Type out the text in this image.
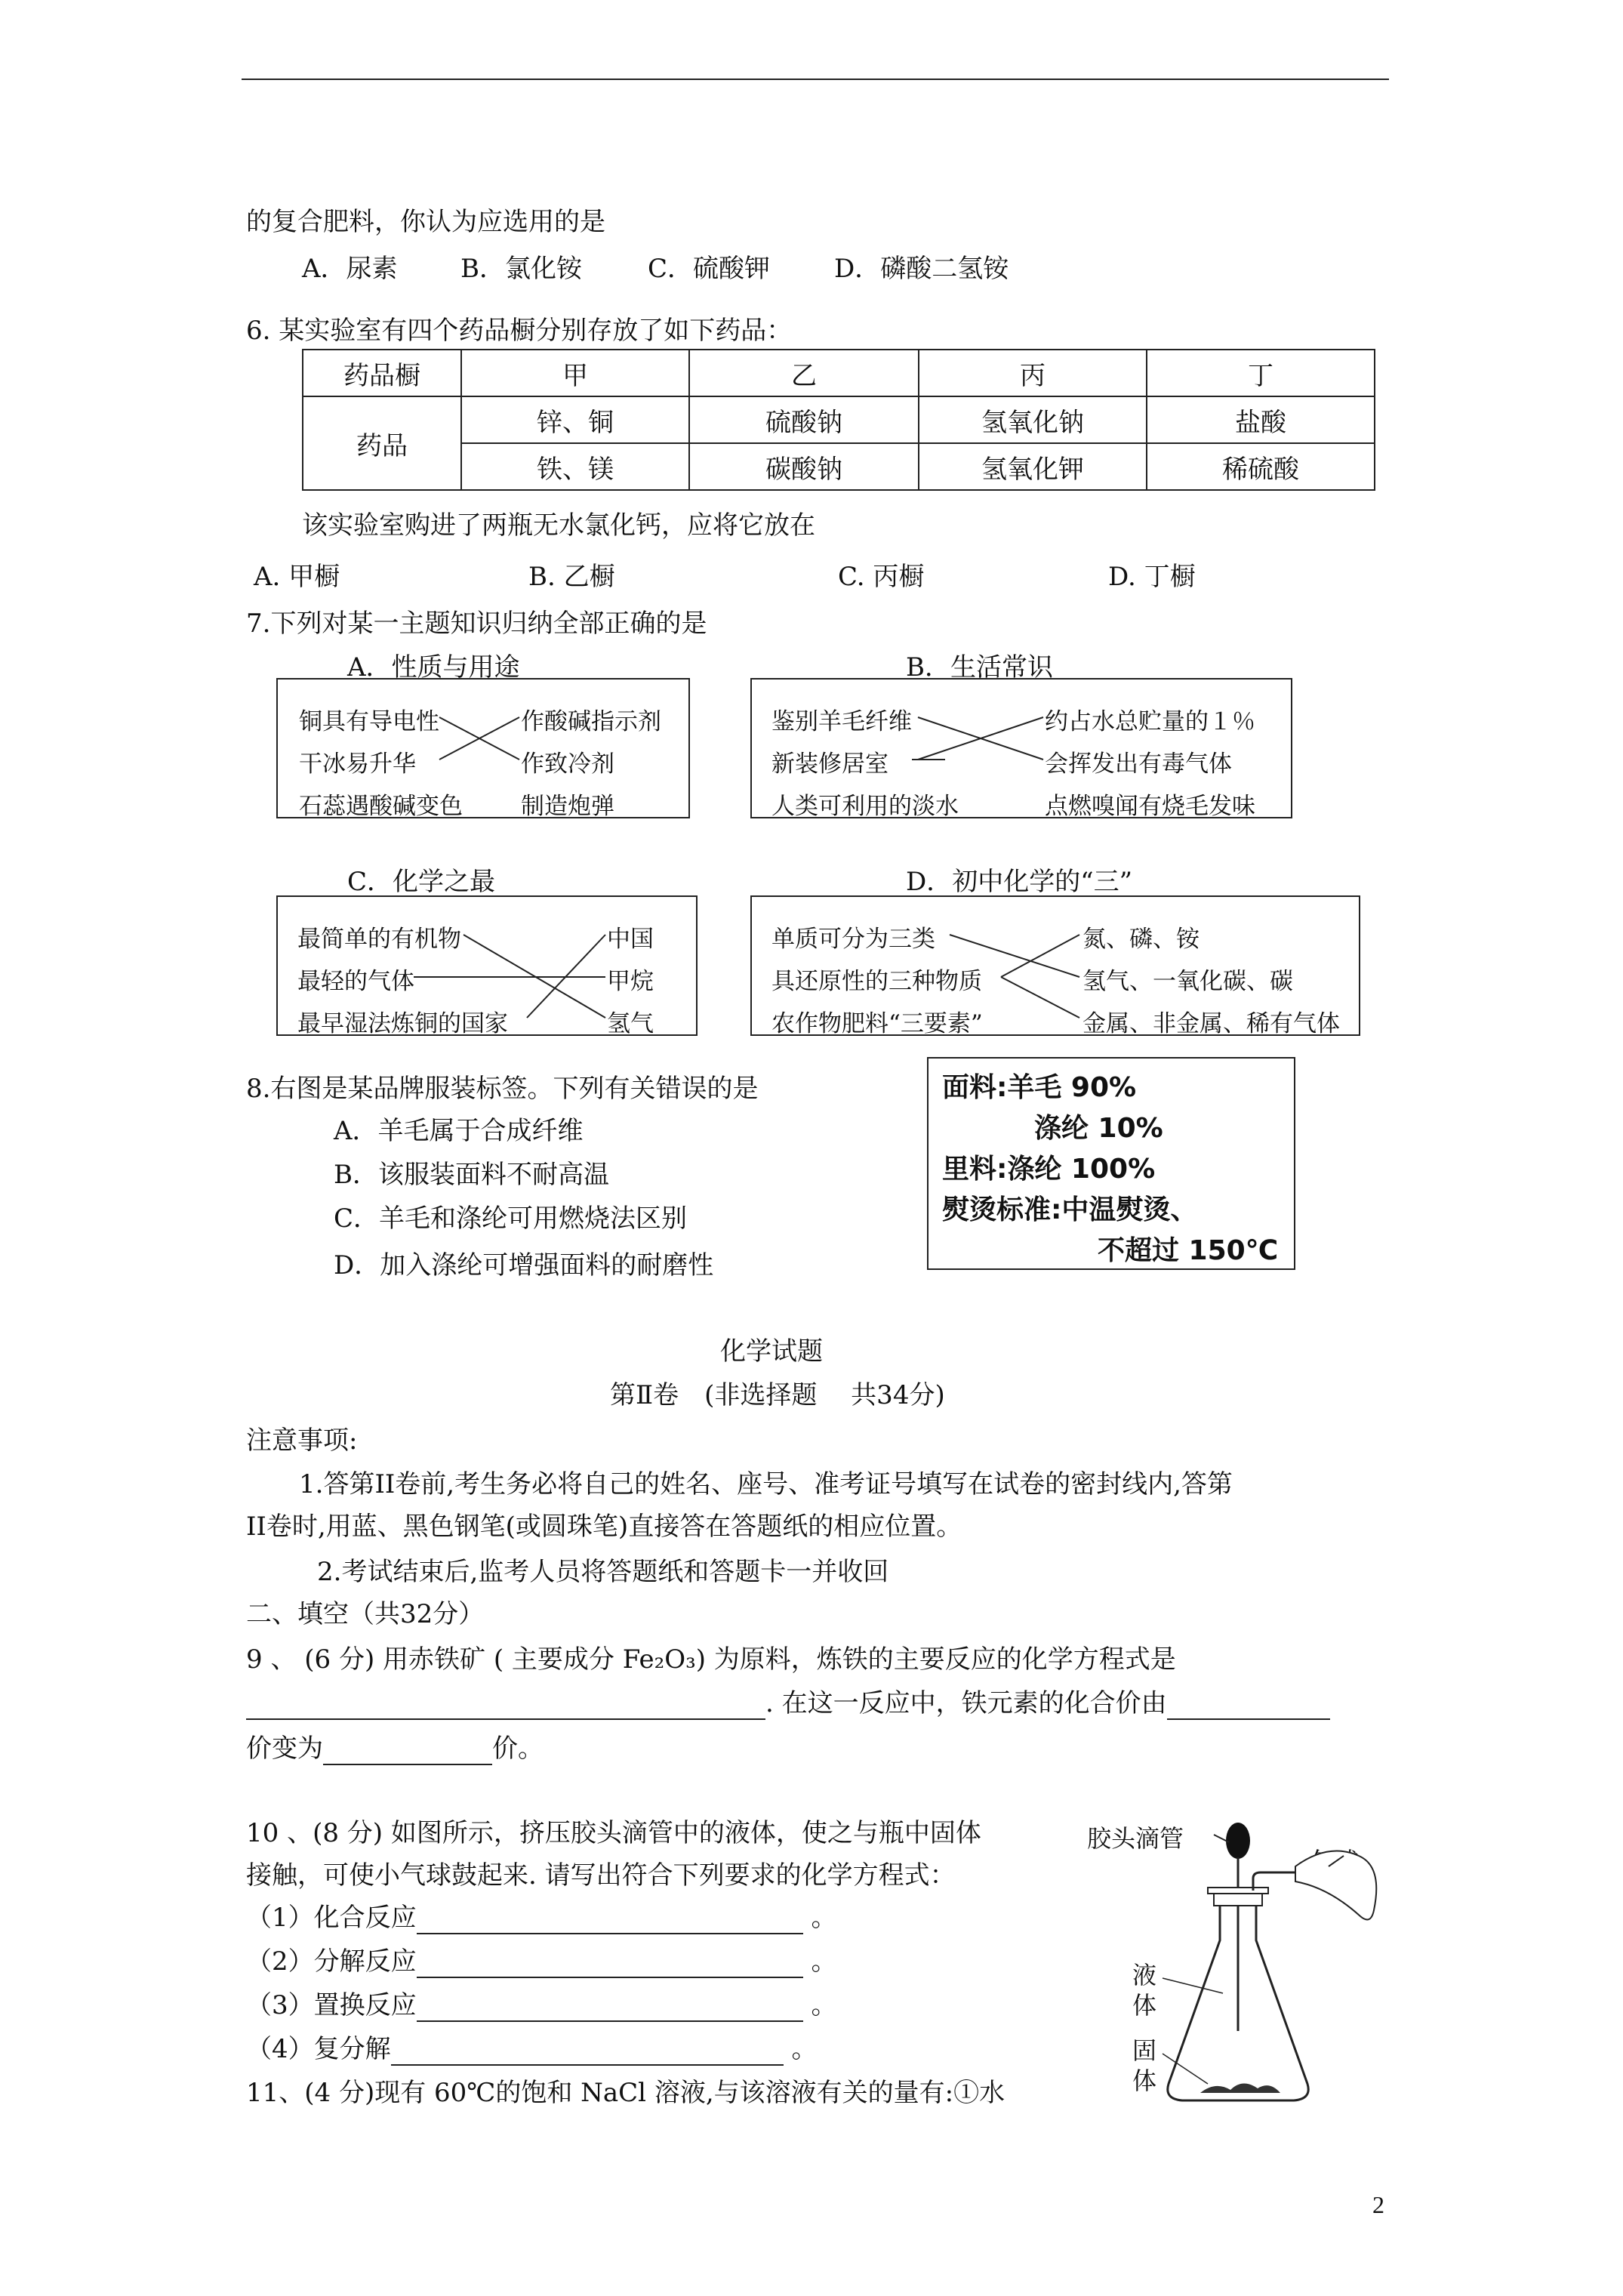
的复合肥料，你认为应选用的是
A．尿素 B．氯化铵	C．硫酸钾 D．磷酸二氢铵
6. 某实验室有四个药品橱分别存放了如下药品：
药品橱	甲	乙	丙	丁
药品	锌、铜	硫酸钠	氢氧化钠	盐酸
	铁、镁	碳酸钠	氢氧化钾	稀硫酸
该实验室购进了两瓶无水氯化钙，应将它放在
A. 甲橱	B. 乙橱	C. 丙橱	D. 丁橱
7.下列对某一主题知识归纳全部正确的是
A．性质与用途	B．生活常识
铜具有导电性
干冰易升华
石蕊遇酸碱变色
作酸碱指示剂
作致冷剂
制造炮弹
鉴别羊毛纤维
新装修居室
人类可利用的淡水
约占水总贮量的１％
会挥发出有毒气体
点燃嗅闻有烧毛发味
C．化学之最	D．初中化学的“三”
最简单的有机物
最轻的气体
最早湿法炼铜的国家
中国
甲烷
氢气
单质可分为三类
具还原性的三种物质
农作物肥料“三要素”
氮、磷、铵
氢气、一氧化碳、碳
金属、非金属、稀有气体
8.右图是某品牌服装标签。下列有关错误的是
A．羊毛属于合成纤维
B．该服装面料不耐高温
C．羊毛和涤纶可用燃烧法区别
D．加入涤纶可增强面料的耐磨性
面料:羊毛 90%
涤纶 10%
里料:涤纶 100%
熨烫标准:中温熨烫、
不超过 150℃
化学试题
第Ⅱ卷　(非选择题　 共34分)
注意事项:
1.答第II卷前,考生务必将自己的姓名、座号、准考证号填写在试卷的密封线内,答第
II卷时,用蓝、黑色钢笔(或圆珠笔)直接答在答题纸的相应位置。
2.考试结束后,监考人员将答题纸和答题卡一并收回
二、填空（共32分）
9 、 (6 分) 用赤铁矿 ( 主要成分 Fe₂O₃) 为原料，炼铁的主要反应的化学方程式是
. 在这一反应中，铁元素的化合价由
价变为	价。
10 、(8 分) 如图所示，挤压胶头滴管中的液体，使之与瓶中固体
接触，可使小气球鼓起来. 请写出符合下列要求的化学方程式：
（1）化合反应	。
（2）分解反应	。
（3）置换反应	。
（4）复分解	。
11、(4 分)现有 60℃的饱和 NaCl 溶液,与该溶液有关的量有:①水
胶头滴管
液体
固体
2
